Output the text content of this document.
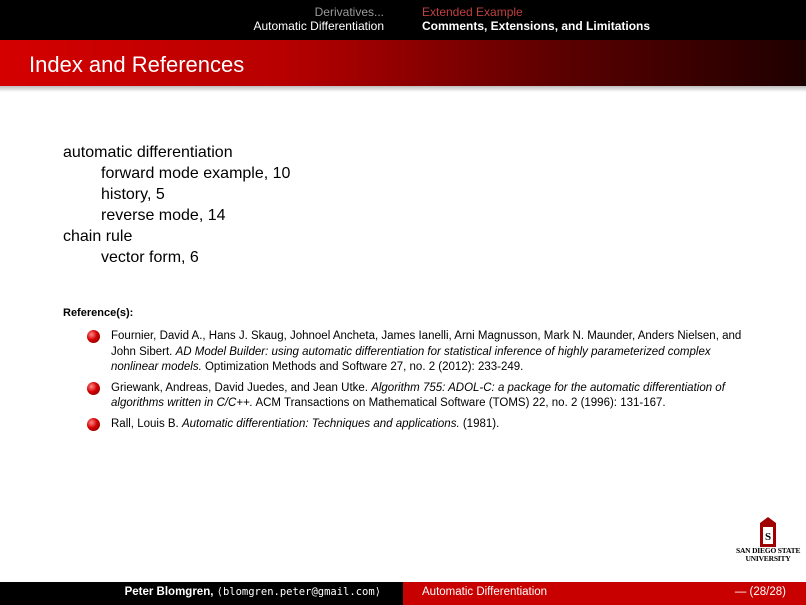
Derivatives...
Automatic Differentiation
Extended Example
Comments, Extensions, and Limitations
Index and References
automatic differentiation
forward mode example, 10
history, 5
reverse mode, 14
chain rule
vector form, 6
Reference(s):
Fournier, David A., Hans J. Skaug, Johnoel Ancheta, James Ianelli, Arni Magnusson, Mark N. Maunder, Anders Nielsen, and John Sibert. AD Model Builder: using automatic differentiation for statistical inference of highly parameterized complex nonlinear models. Optimization Methods and Software 27, no. 2 (2012): 233-249.
Griewank, Andreas, David Juedes, and Jean Utke. Algorithm 755: ADOL-C: a package for the automatic differentiation of algorithms written in C/C++. ACM Transactions on Mathematical Software (TOMS) 22, no. 2 (1996): 131-167.
Rall, Louis B. Automatic differentiation: Techniques and applications. (1981).
S
SAN DIEGO STATE
UNIVERSITY
Peter Blomgren, ⟨blomgren.peter@gmail.com⟩	Automatic Differentiation	— (28/28)
